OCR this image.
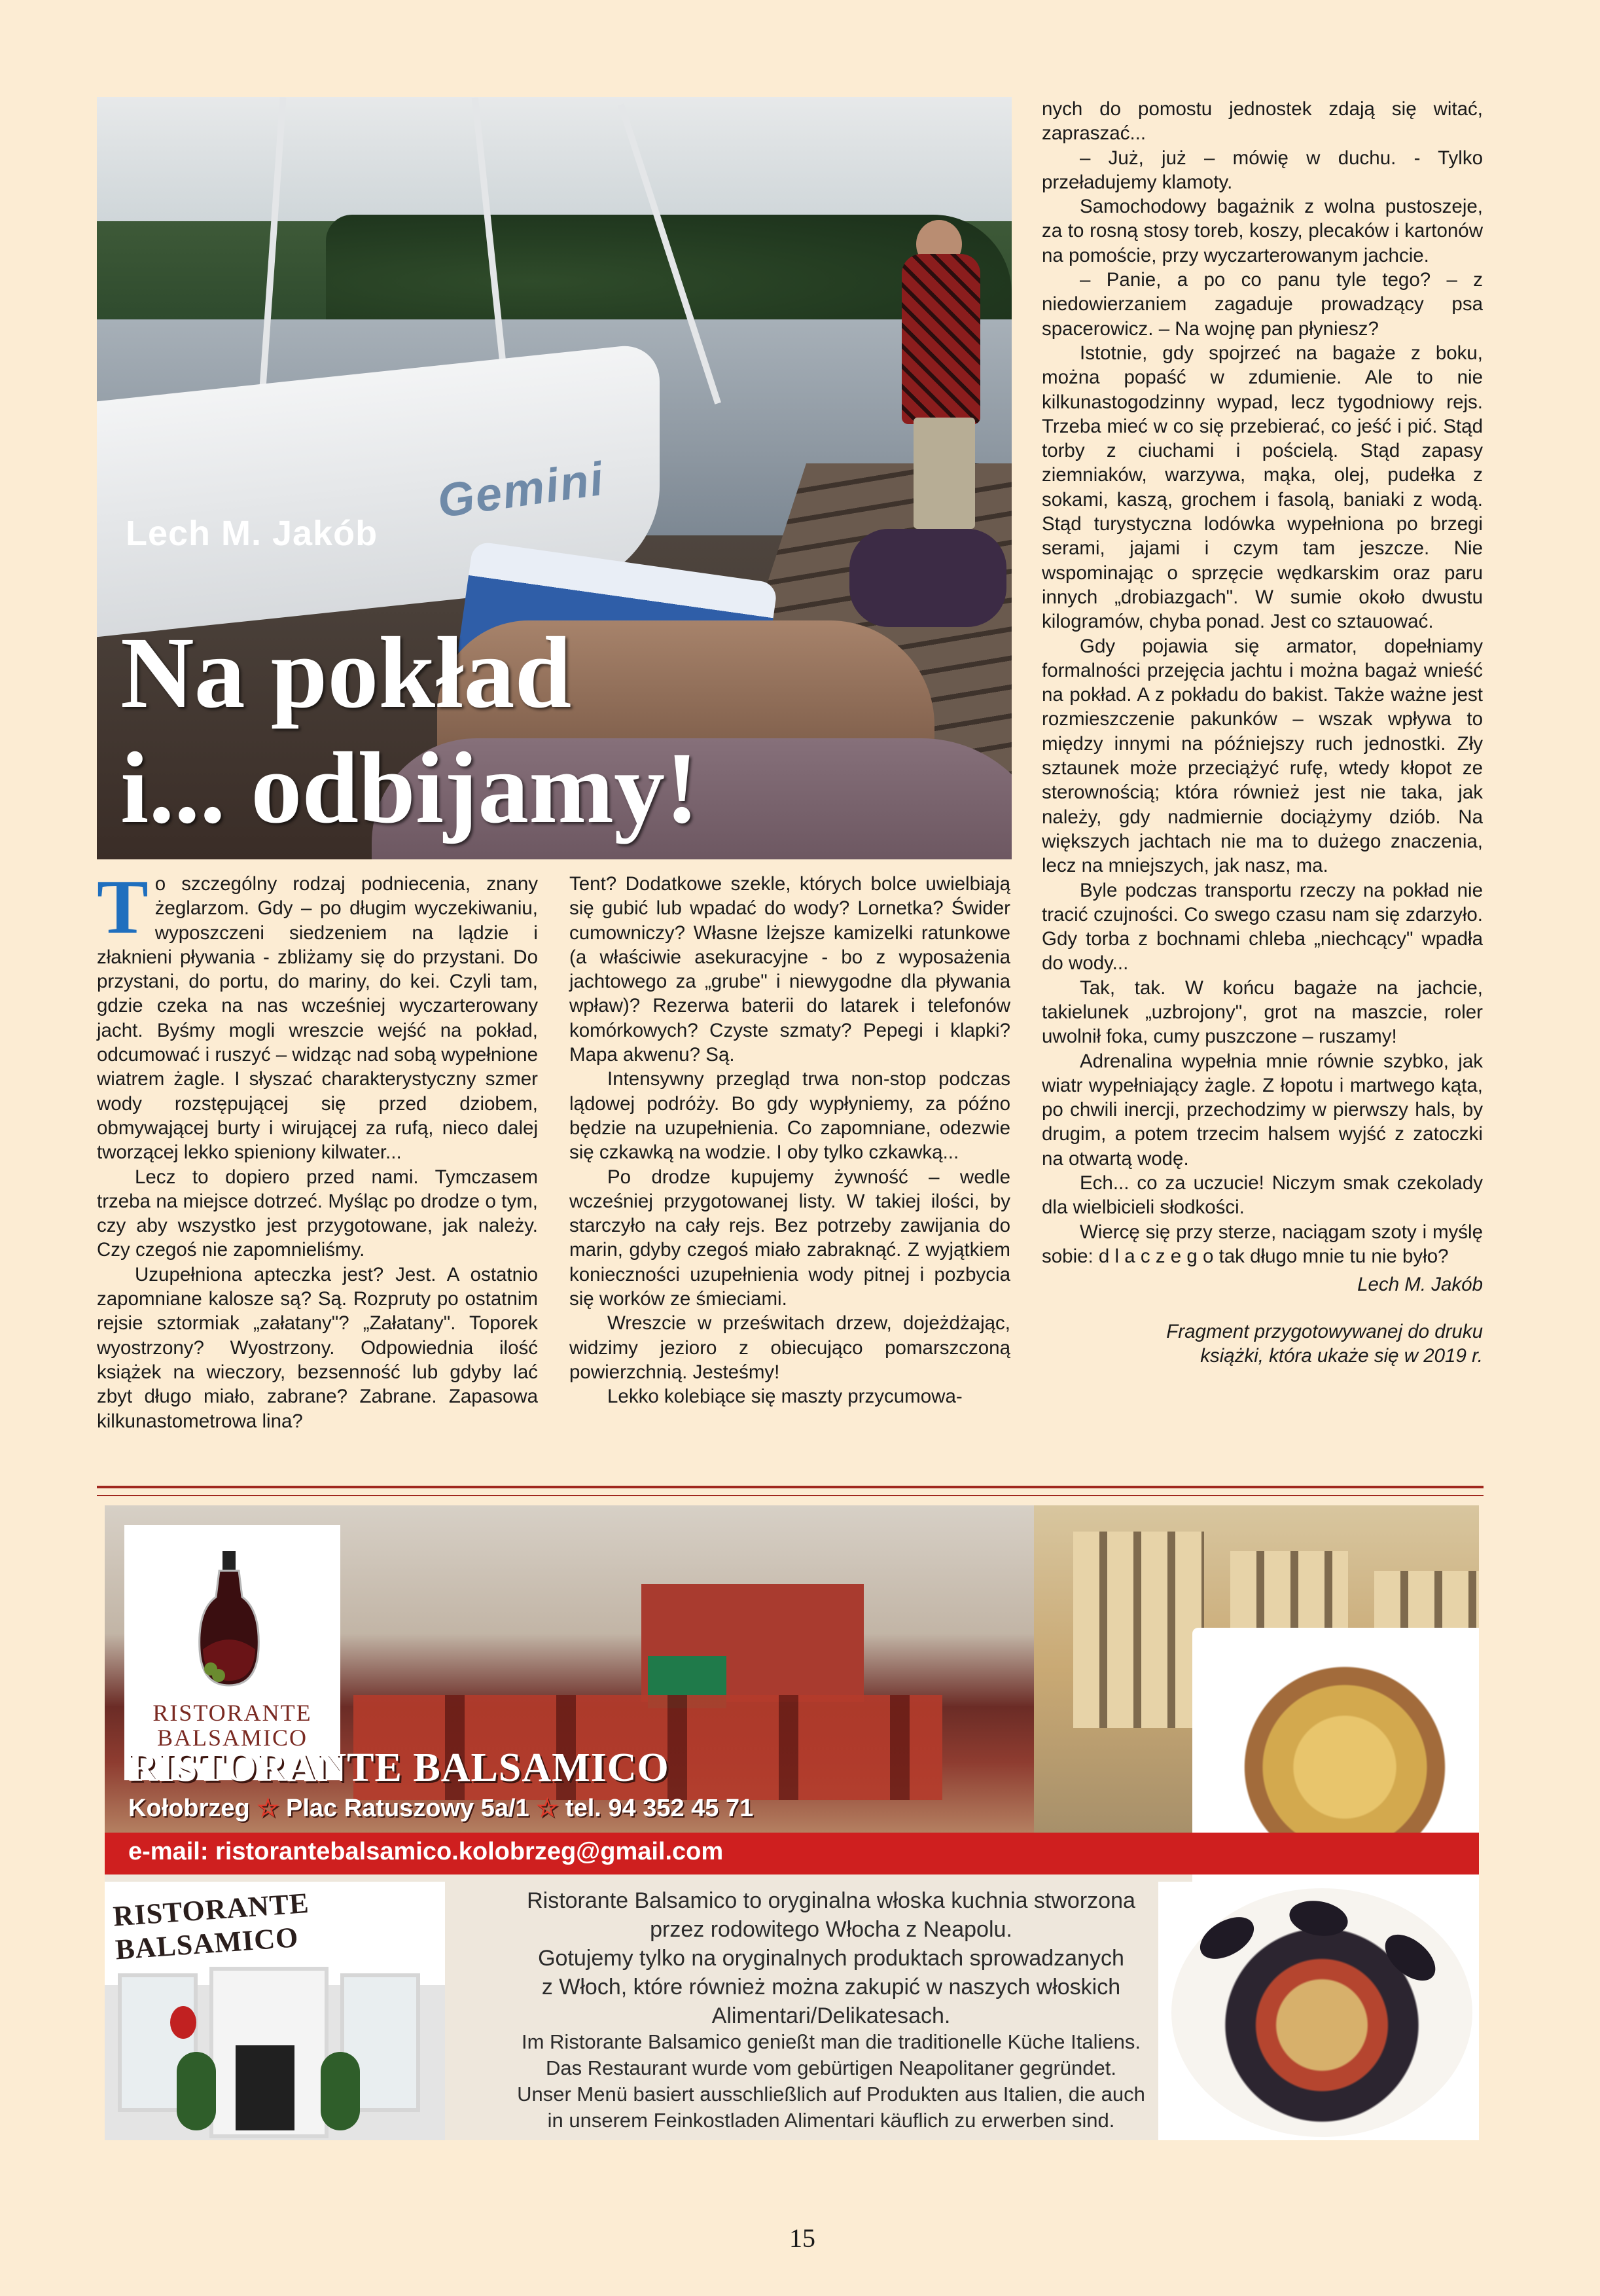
Gemini
Lech M. Jakób
Na pokład
i... odbijamy!

To szczególny rodzaj podniecenia, znany żeglarzom. Gdy – po długim wyczekiwaniu, wyposzczeni siedzeniem na lądzie i złaknieni pływania - zbliżamy się do przystani. Do przystani, do portu, do mariny, do kei. Czyli tam, gdzie czeka na nas wcześniej wyczarterowany jacht. Byśmy mogli wreszcie wejść na pokład, odcumować i ruszyć – widząc nad sobą wypełnione wiatrem żagle. I słyszać charakterystyczny szmer wody rozstępującej się przed dziobem, obmywającej burty i wirującej za rufą, nieco dalej tworzącej lekko spieniony kilwater...

Lecz to dopiero przed nami. Tymczasem trzeba na miejsce dotrzeć. Myśląc po drodze o tym, czy aby wszystko jest przygotowane, jak należy. Czy czegoś nie zapomnieliśmy.

Uzupełniona apteczka jest? Jest. A ostatnio zapomniane kalosze są? Są. Rozpruty po ostatnim rejsie sztormiak „załatany"? „Załatany". Toporek wyostrzony? Wyostrzony. Odpowiednia ilość książek na wieczory, bezsenność lub gdyby lać zbyt długo miało, zabrane? Zabrane. Zapasowa kilkunastometrowa lina?

Tent? Dodatkowe szekle, których bolce uwielbiają się gubić lub wpadać do wody? Lornetka? Świder cumowniczy? Własne lżejsze kamizelki ratunkowe (a właściwie asekuracyjne - bo z wyposażenia jachtowego za „grube" i niewygodne dla pływania wpław)? Rezerwa baterii do latarek i telefonów komórkowych? Czyste szmaty? Pepegi i klapki? Mapa akwenu? Są.

Intensywny przegląd trwa non-stop podczas lądowej podróży. Bo gdy wypłyniemy, za późno będzie na uzupełnienia. Co zapomniane, odezwie się czkawką na wodzie. I oby tylko czkawką...

Po drodze kupujemy żywność – wedle wcześniej przygotowanej listy. W takiej ilości, by starczyło na cały rejs. Bez potrzeby zawijania do marin, gdyby czegoś miało zabraknąć. Z wyjątkiem konieczności uzupełnienia wody pitnej i pozbycia się worków ze śmieciami.

Wreszcie w prześwitach drzew, dojeżdżając, widzimy jezioro z obiecująco pomarszczoną powierzchnią. Jesteśmy!

Lekko kolebiące się maszty przycumowa-

nych do pomostu jednostek zdają się witać, zapraszać...

– Już, już – mówię w duchu. - Tylko przeładujemy klamoty.

Samochodowy bagażnik z wolna pustoszeje, za to rosną stosy toreb, koszy, plecaków i kartonów na pomoście, przy wyczarterowanym jachcie.

– Panie, a po co panu tyle tego? – z niedowierzaniem zagaduje prowadzący psa spacerowicz. – Na wojnę pan płyniesz?

Istotnie, gdy spojrzeć na bagaże z boku, można popaść w zdumienie. Ale to nie kilkunastogodzinny wypad, lecz tygodniowy rejs. Trzeba mieć w co się przebierać, co jeść i pić. Stąd torby z ciuchami i pościelą. Stąd zapasy ziemniaków, warzywa, mąka, olej, pudełka z sokami, kaszą, grochem i fasolą, baniaki z wodą. Stąd turystyczna lodówka wypełniona po brzegi serami, jajami i czym tam jeszcze. Nie wspominając o sprzęcie wędkarskim oraz paru innych „drobiazgach". W sumie około dwustu kilogramów, chyba ponad. Jest co sztauować.

Gdy pojawia się armator, dopełniamy formalności przejęcia jachtu i można bagaż wnieść na pokład. A z pokładu do bakist. Także ważne jest rozmieszczenie pakunków – wszak wpływa to między innymi na późniejszy ruch jednostki. Zły sztaunek może przeciążyć rufę, wtedy kłopot ze sterownością; która również jest nie taka, jak należy, gdy nadmiernie dociążymy dziób. Na większych jachtach nie ma to dużego znaczenia, lecz na mniejszych, jak nasz, ma.

Byle podczas transportu rzeczy na pokład nie tracić czujności. Co swego czasu nam się zdarzyło. Gdy torba z bochnami chleba „niechcący" wpadła do wody...

Tak, tak. W końcu bagaże na jachcie, takielunek „uzbrojony", grot na maszcie, roler uwolnił foka, cumy puszczone – ruszamy!

Adrenalina wypełnia mnie równie szybko, jak wiatr wypełniający żagle. Z łopotu i martwego kąta, po chwili inercji, przechodzimy w pierwszy hals, by drugim, a potem trzecim halsem wyjść z zatoczki na otwartą wodę.

Ech... co za uczucie! Niczym smak czekolady dla wielbicieli słodkości.

Wiercę się przy sterze, naciągam szoty i myślę sobie: d l a c z e g o tak długo mnie tu nie było?

Lech M. Jakób

Fragment przygotowywanej do druku
książki, która ukaże się w 2019 r.

RISTORANTE
BALSAMICO
RISTORANTE BALSAMICO
Kołobrzeg ☆ Plac Ratuszowy 5a/1 ☆ tel. 94 352 45 71
e-mail: ristorantebalsamico.kolobrzeg@gmail.com
RISTORANTE BALSAMICO
Ristorante Balsamico to oryginalna włoska kuchnia stworzona
przez rodowitego Włocha z Neapolu.
Gotujemy tylko na oryginalnych produktach sprowadzanych
z Włoch, które również można zakupić w naszych włoskich
Alimentari/Delikatesach.
Im Ristorante Balsamico genießt man die traditionelle Küche Italiens.
Das Restaurant wurde vom gebürtigen Neapolitaner gegründet.
Unser Menü basiert ausschließlich auf Produkten aus Italien, die auch
in unserem Feinkostladen Alimentari käuflich zu erwerben sind.
15
